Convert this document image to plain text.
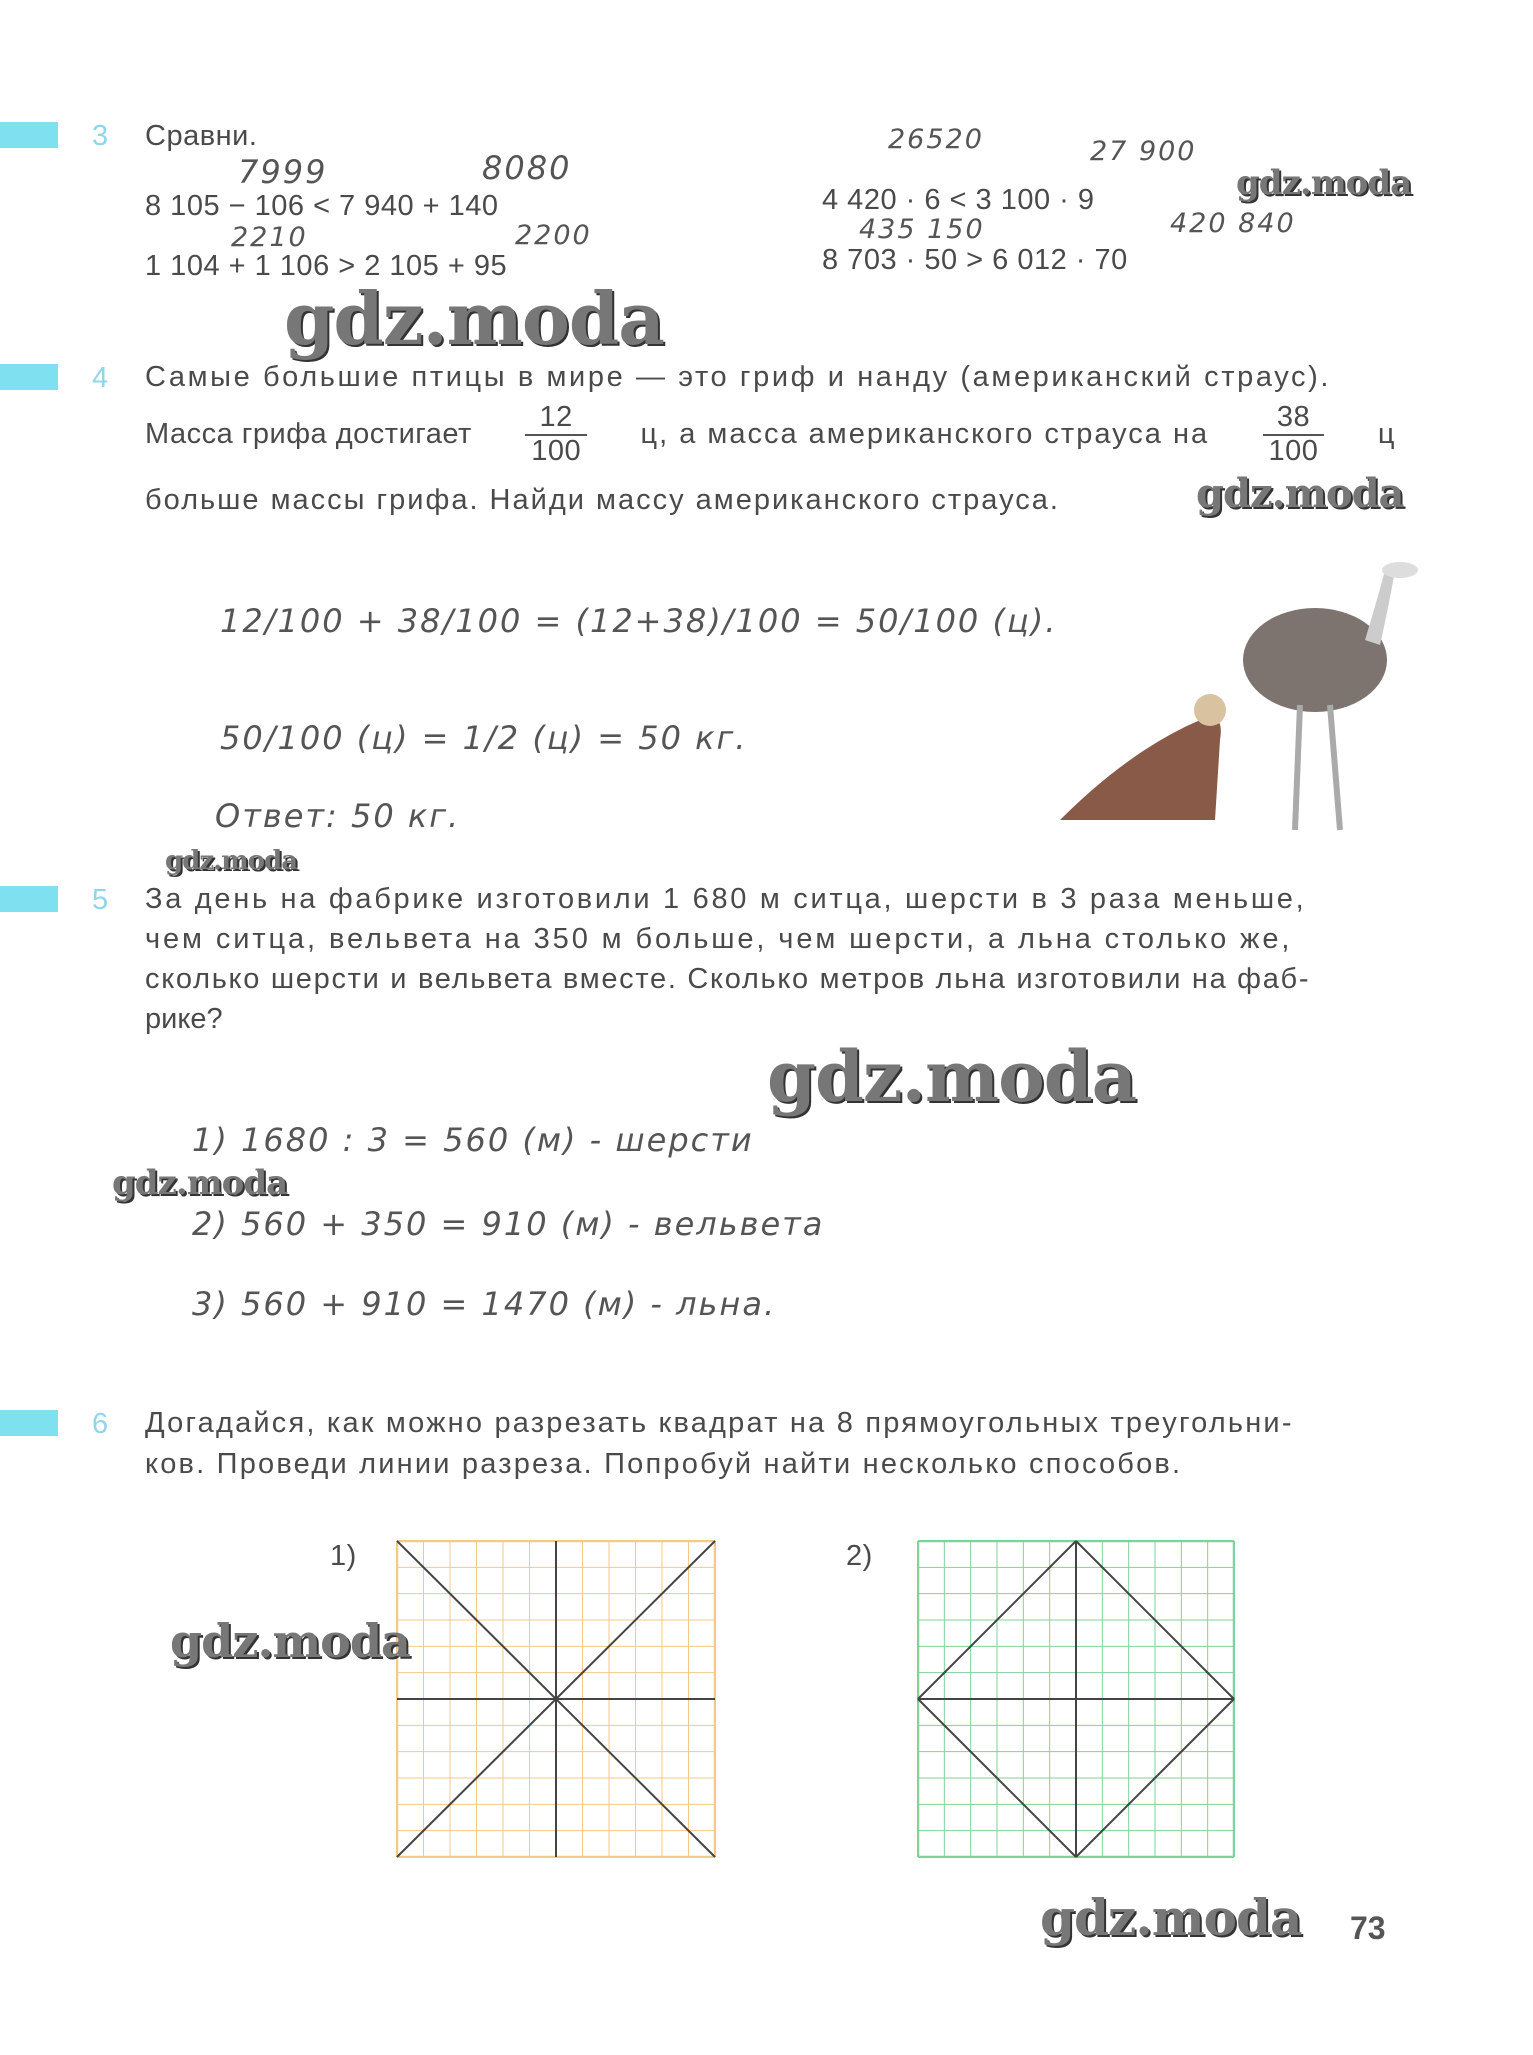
3 Сравни.
8 105 − 106 < 7 940 + 140
7999	8080
1 104 + 1 106 > 2 105 + 95
2210	2200
4 420 · 6 < 3 100 · 9
26520	27 900
8 703 · 50 > 6 012 · 70
435 150	420 840
4 Самые большие птицы в мире — это гриф и нанду (американский страус).
Масса грифа достигает $\frac{12}{100} ц$, а масса американского страуса на $\frac{38}{100}$ ц
больше массы грифа. Найди массу американского страуса.
12/100 + 38/100 = (12+38)/100 = 50/100 (ц).
50/100 (ц) = 1/2 (ц) = 50 кг.
Ответ: 50 кг.
5 За день на фабрике изготовили 1 680 м ситца, шерсти в 3 раза меньше,
чем ситца, вельвета на 350 м больше, чем шерсти, а льна столько же,
сколько шерсти и вельвета вместе. Сколько метров льна изготовили на фаб-
рике?
1) 1680 : 3 = 560 (м) - шерсти
2) 560 + 350 = 910 (м) - вельвета
3) 560 + 910 = 1470 (м) - льна.
6 Догадайся, как можно разрезать квадрат на 8 прямоугольных треугольни-
ков. Проведи линии разреза. Попробуй найти несколько способов.
1)	2)
gdz.moda
gdz.moda
gdz.moda
gdz.moda
gdz.moda
gdz.moda
gdz.moda
gdz.moda 73
